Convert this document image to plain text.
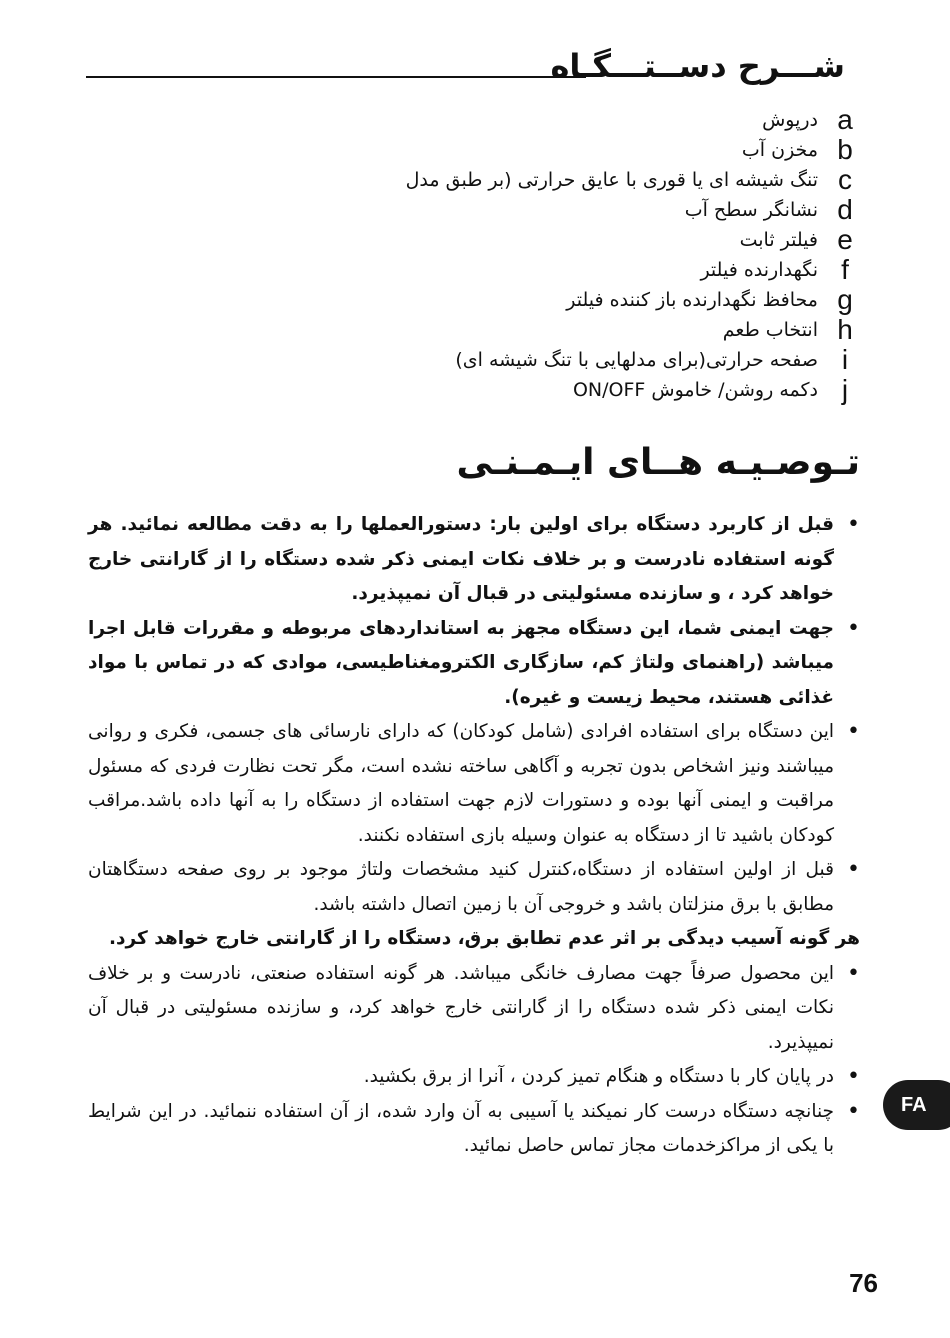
شـــرح دســتـــگـاه
a
درپوش
b
مخزن آب
c
تنگ شیشه ای یا قوری با عایق حرارتی (بر طبق مدل
d
نشانگر سطح آب
e
فیلتر ثابت
f
نگهدارنده فیلتر
g
محافظ نگهدارنده باز کننده فیلتر
h
انتخاب طعم
i
صفحه حرارتی(برای مدلهایی با تنگ شیشه ای)
j
دکمه روشن/ خاموش ON/OFF
تـوصـیـه هــای ایـمـنـی

•
قبل از کاربرد دستگاه برای اولین بار: دستورالعملها را به دقت مطالعه نمائید. هر گونه استفاده نادرست و بر خلاف نکات ایمنی ذکر شده دستگاه را از گارانتی خارج خواهد کرد ، و سازنده مسئولیتی در قبال آن نمیپذیرد.

•
جهت ایمنی شما، این دستگاه مجهز به استانداردهای مربوطه و مقررات قابل اجرا میباشد (راهنمای ولتاژ کم، سازگاری الکترومغناطیسی، موادی که در تماس با مواد غذائی هستند، محیط زیست و غیره).

•
این دستگاه برای استفاده افرادی (شامل کودکان) که دارای نارسائی های جسمی، فکری و روانی میباشند ونیز اشخاص بدون تجربه و آگاهی ساخته نشده است، مگر تحت نظارت فردی که مسئول مراقبت و ایمنی آنها بوده و دستورات لازم جهت استفاده از دستگاه را به آنها داده باشد.مراقب کودکان باشید تا از دستگاه به عنوان وسیله بازی استفاده نکنند.

•
قبل از اولین استفاده از دستگاه،کنترل کنید مشخصات ولتاژ موجود بر روی صفحه دستگاهتان مطابق با برق منزلتان باشد و خروجی آن با زمین اتصال داشته باشد.

هر گونه آسیب دیدگی بر اثر عدم تطابق برق، دستگاه را از گارانتی خارج خواهد کرد.

•
این محصول صرفاً جهت مصارف خانگی میباشد. هر گونه استفاده صنعتی، نادرست و بر خلاف نکات ایمنی ذکر شده دستگاه را از گارانتی خارج خواهد کرد، و سازنده مسئولیتی در قبال آن نمیپذیرد.

•
در پایان کار با دستگاه و هنگام تمیز کردن ، آنرا از برق بکشید.

•
چنانچه دستگاه درست کار نمیکند یا آسیبی به آن وارد شده، از آن استفاده ننمائید. در این شرایط با یکی از مراکزخدمات مجاز تماس حاصل نمائید.

FA
76
